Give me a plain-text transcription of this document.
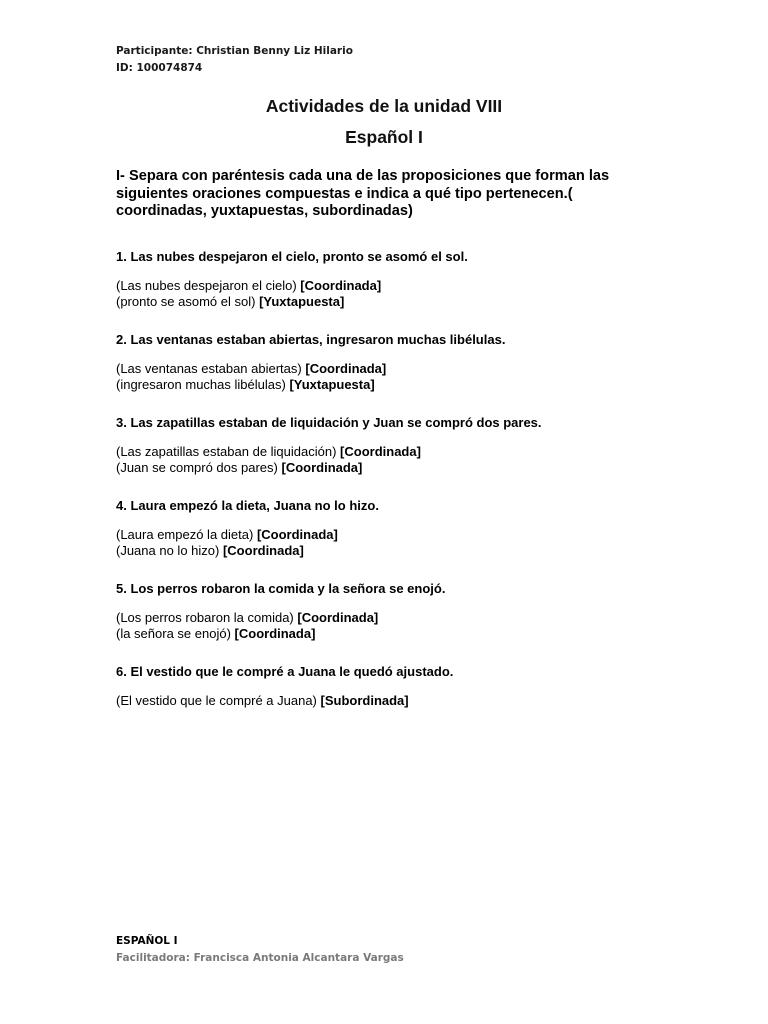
Participante: Christian Benny Liz Hilario
ID: 100074874
Actividades de la unidad VIII
Español I
I- Separa con paréntesis cada una de las proposiciones que forman las siguientes oraciones compuestas e indica a qué tipo pertenecen.( coordinadas, yuxtapuestas, subordinadas)
1. Las nubes despejaron el cielo, pronto se asomó el sol.
(Las nubes despejaron el cielo) [Coordinada]
(pronto se asomó el sol) [Yuxtapuesta]
2. Las ventanas estaban abiertas, ingresaron muchas libélulas.
(Las ventanas estaban abiertas) [Coordinada]
(ingresaron muchas libélulas) [Yuxtapuesta]
3. Las zapatillas estaban de liquidación y Juan se compró dos pares.
(Las zapatillas estaban de liquidación) [Coordinada]
(Juan se compró dos pares) [Coordinada]
4. Laura empezó la dieta, Juana no lo hizo.
(Laura empezó la dieta) [Coordinada]
(Juana no lo hizo) [Coordinada]
5. Los perros robaron la comida y la señora se enojó.
(Los perros robaron la comida) [Coordinada]
(la señora se enojó) [Coordinada]
6. El vestido que le compré a Juana le quedó ajustado.
(El vestido que le compré a Juana) [Subordinada]
ESPAÑOL I
Facilitadora: Francisca Antonia Alcantara Vargas
